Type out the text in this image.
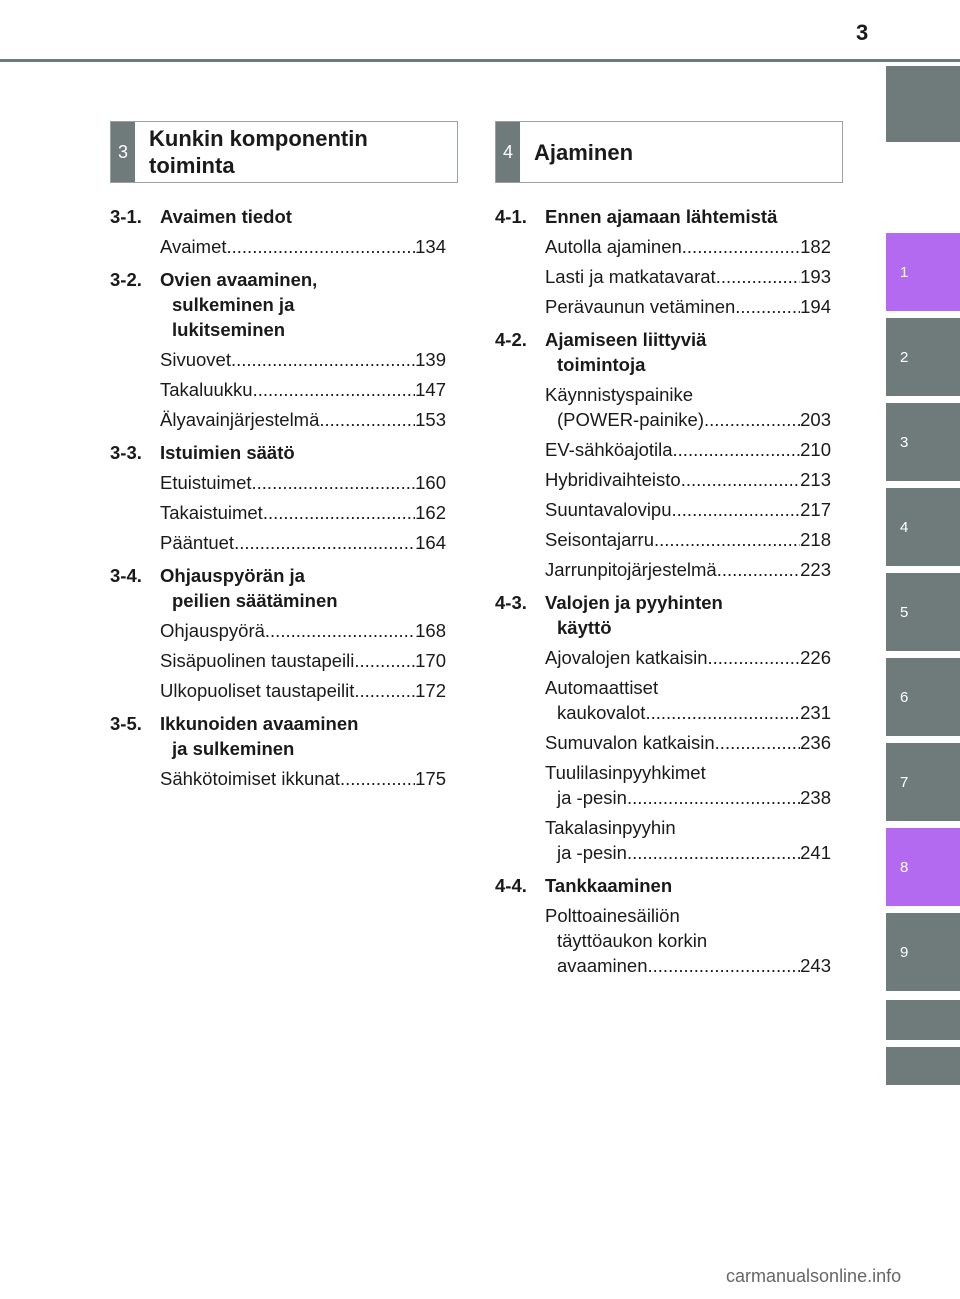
3
1
2
3
4
5
6
7
8
9
3
Kunkin komponentin
toiminta
4 Ajaminen
3-1. Avaimen tiedot
Avaimet .....	134
3-2. Ovien avaaminen,
sulkeminen ja
lukitseminen
Sivuovet .....	139
Takaluukku .....	147
Älyavainjärjestelmä .....	153
3-3. Istuimien säätö
Etuistuimet .....	160
Takaistuimet .....	162
Pääntuet .....	164
3-4. Ohjauspyörän ja
peilien säätäminen
Ohjauspyörä .....	168
Sisäpuolinen taustapeili .....	170
Ulkopuoliset taustapeilit .....	172
3-5. Ikkunoiden avaaminen
ja sulkeminen
Sähkötoimiset ikkunat .....	175
4-1. Ennen ajamaan lähtemistä
Autolla ajaminen .....	182
Lasti ja matkatavarat .....	193
Perävaunun vetäminen .....	194
4-2. Ajamiseen liittyviä
toimintoja
Käynnistyspainike
(POWER-painike) .....	203
EV-sähköajotila .....	210
Hybridivaihteisto .....	213
Suuntavalovipu .....	217
Seisontajarru .....	218
Jarrunpitojärjestelmä .....	223
4-3. Valojen ja pyyhinten
käyttö
Ajovalojen katkaisin .....	226
Automaattiset
kaukovalot .....	231
Sumuvalon katkaisin .....	236
Tuulilasinpyyhkimet
ja -pesin .....	238
Takalasinpyyhin
ja -pesin .....	241
4-4. Tankkaaminen
Polttoainesäiliön
täyttöaukon korkin
avaaminen .....	243
carmanualsonline.info
